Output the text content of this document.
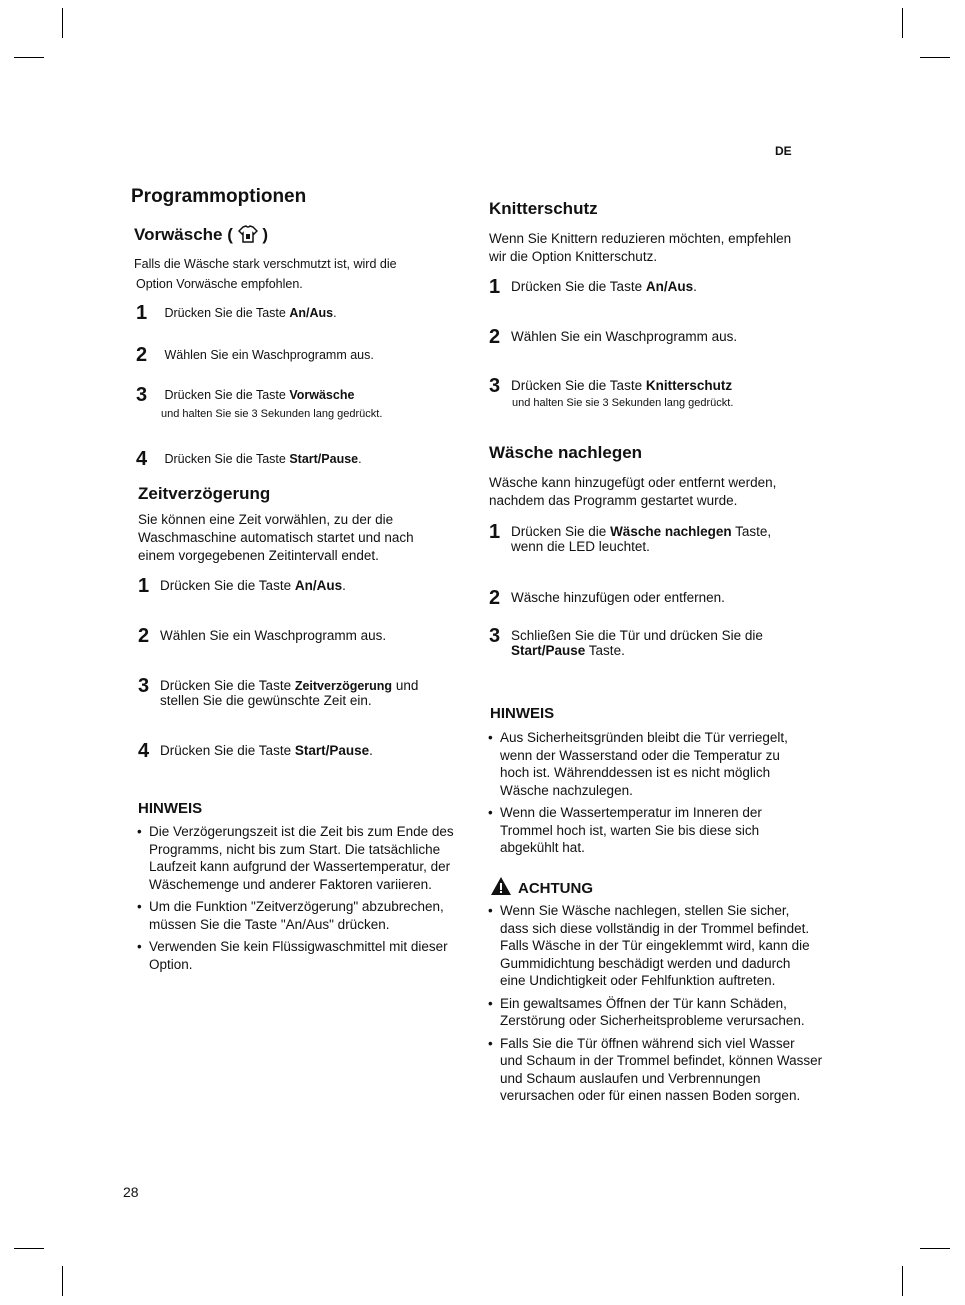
DE
28
Programmoptionen
Vorwäsche ( )
Falls die Wäsche stark verschmutzt ist, wird die
Option Vorwäsche empfohlen.
1 Drücken Sie die Taste An/Aus.
2 Wählen Sie ein Waschprogramm aus.
3 Drücken Sie die Taste Vorwäsche
und halten Sie sie 3 Sekunden lang gedrückt.
4 Drücken Sie die Taste Start/Pause.
Zeitverzögerung
Sie können eine Zeit vorwählen, zu der die
Waschmaschine automatisch startet und nach
einem vorgegebenen Zeitintervall endet.
1 Drücken Sie die Taste An/Aus.
2 Wählen Sie ein Waschprogramm aus.
3 Drücken Sie die Taste Zeitverzögerung und
stellen Sie die gewünschte Zeit ein.
4 Drücken Sie die Taste Start/Pause.
HINWEIS
• Die Verzögerungszeit ist die Zeit bis zum Ende des
Programms, nicht bis zum Start. Die tatsächliche
Laufzeit kann aufgrund der Wassertemperatur, der
Wäschemenge und anderer Faktoren variieren.
• Um die Funktion "Zeitverzögerung" abzubrechen,
müssen Sie die Taste "An/Aus" drücken.
• Verwenden Sie kein Flüssigwaschmittel mit dieser
Option.
Knitterschutz
Wenn Sie Knittern reduzieren möchten, empfehlen
wir die Option Knitterschutz.
1 Drücken Sie die Taste An/Aus.
2 Wählen Sie ein Waschprogramm aus.
3 Drücken Sie die Taste Knitterschutz
und halten Sie sie 3 Sekunden lang gedrückt.
Wäsche nachlegen
Wäsche kann hinzugefügt oder entfernt werden,
nachdem das Programm gestartet wurde.
1 Drücken Sie die Wäsche nachlegen Taste,
wenn die LED leuchtet.
2 Wäsche hinzufügen oder entfernen.
3 Schließen Sie die Tür und drücken Sie die
Start/Pause Taste.
HINWEIS
• Aus Sicherheitsgründen bleibt die Tür verriegelt,
wenn der Wasserstand oder die Temperatur zu
hoch ist. Währenddessen ist es nicht möglich
Wäsche nachzulegen.
• Wenn die Wassertemperatur im Inneren der
Trommel hoch ist, warten Sie bis diese sich
abgekühlt hat.
ACHTUNG
• Wenn Sie Wäsche nachlegen, stellen Sie sicher,
dass sich diese vollständig in der Trommel befindet.
Falls Wäsche in der Tür eingeklemmt wird, kann die
Gummidichtung beschädigt werden und dadurch
eine Undichtigkeit oder Fehlfunktion auftreten.
• Ein gewaltsames Öffnen der Tür kann Schäden,
Zerstörung oder Sicherheitsprobleme verursachen.
• Falls Sie die Tür öffnen während sich viel Wasser
und Schaum in der Trommel befindet, können Wasser
und Schaum auslaufen und Verbrennungen
verursachen oder für einen nassen Boden sorgen.
